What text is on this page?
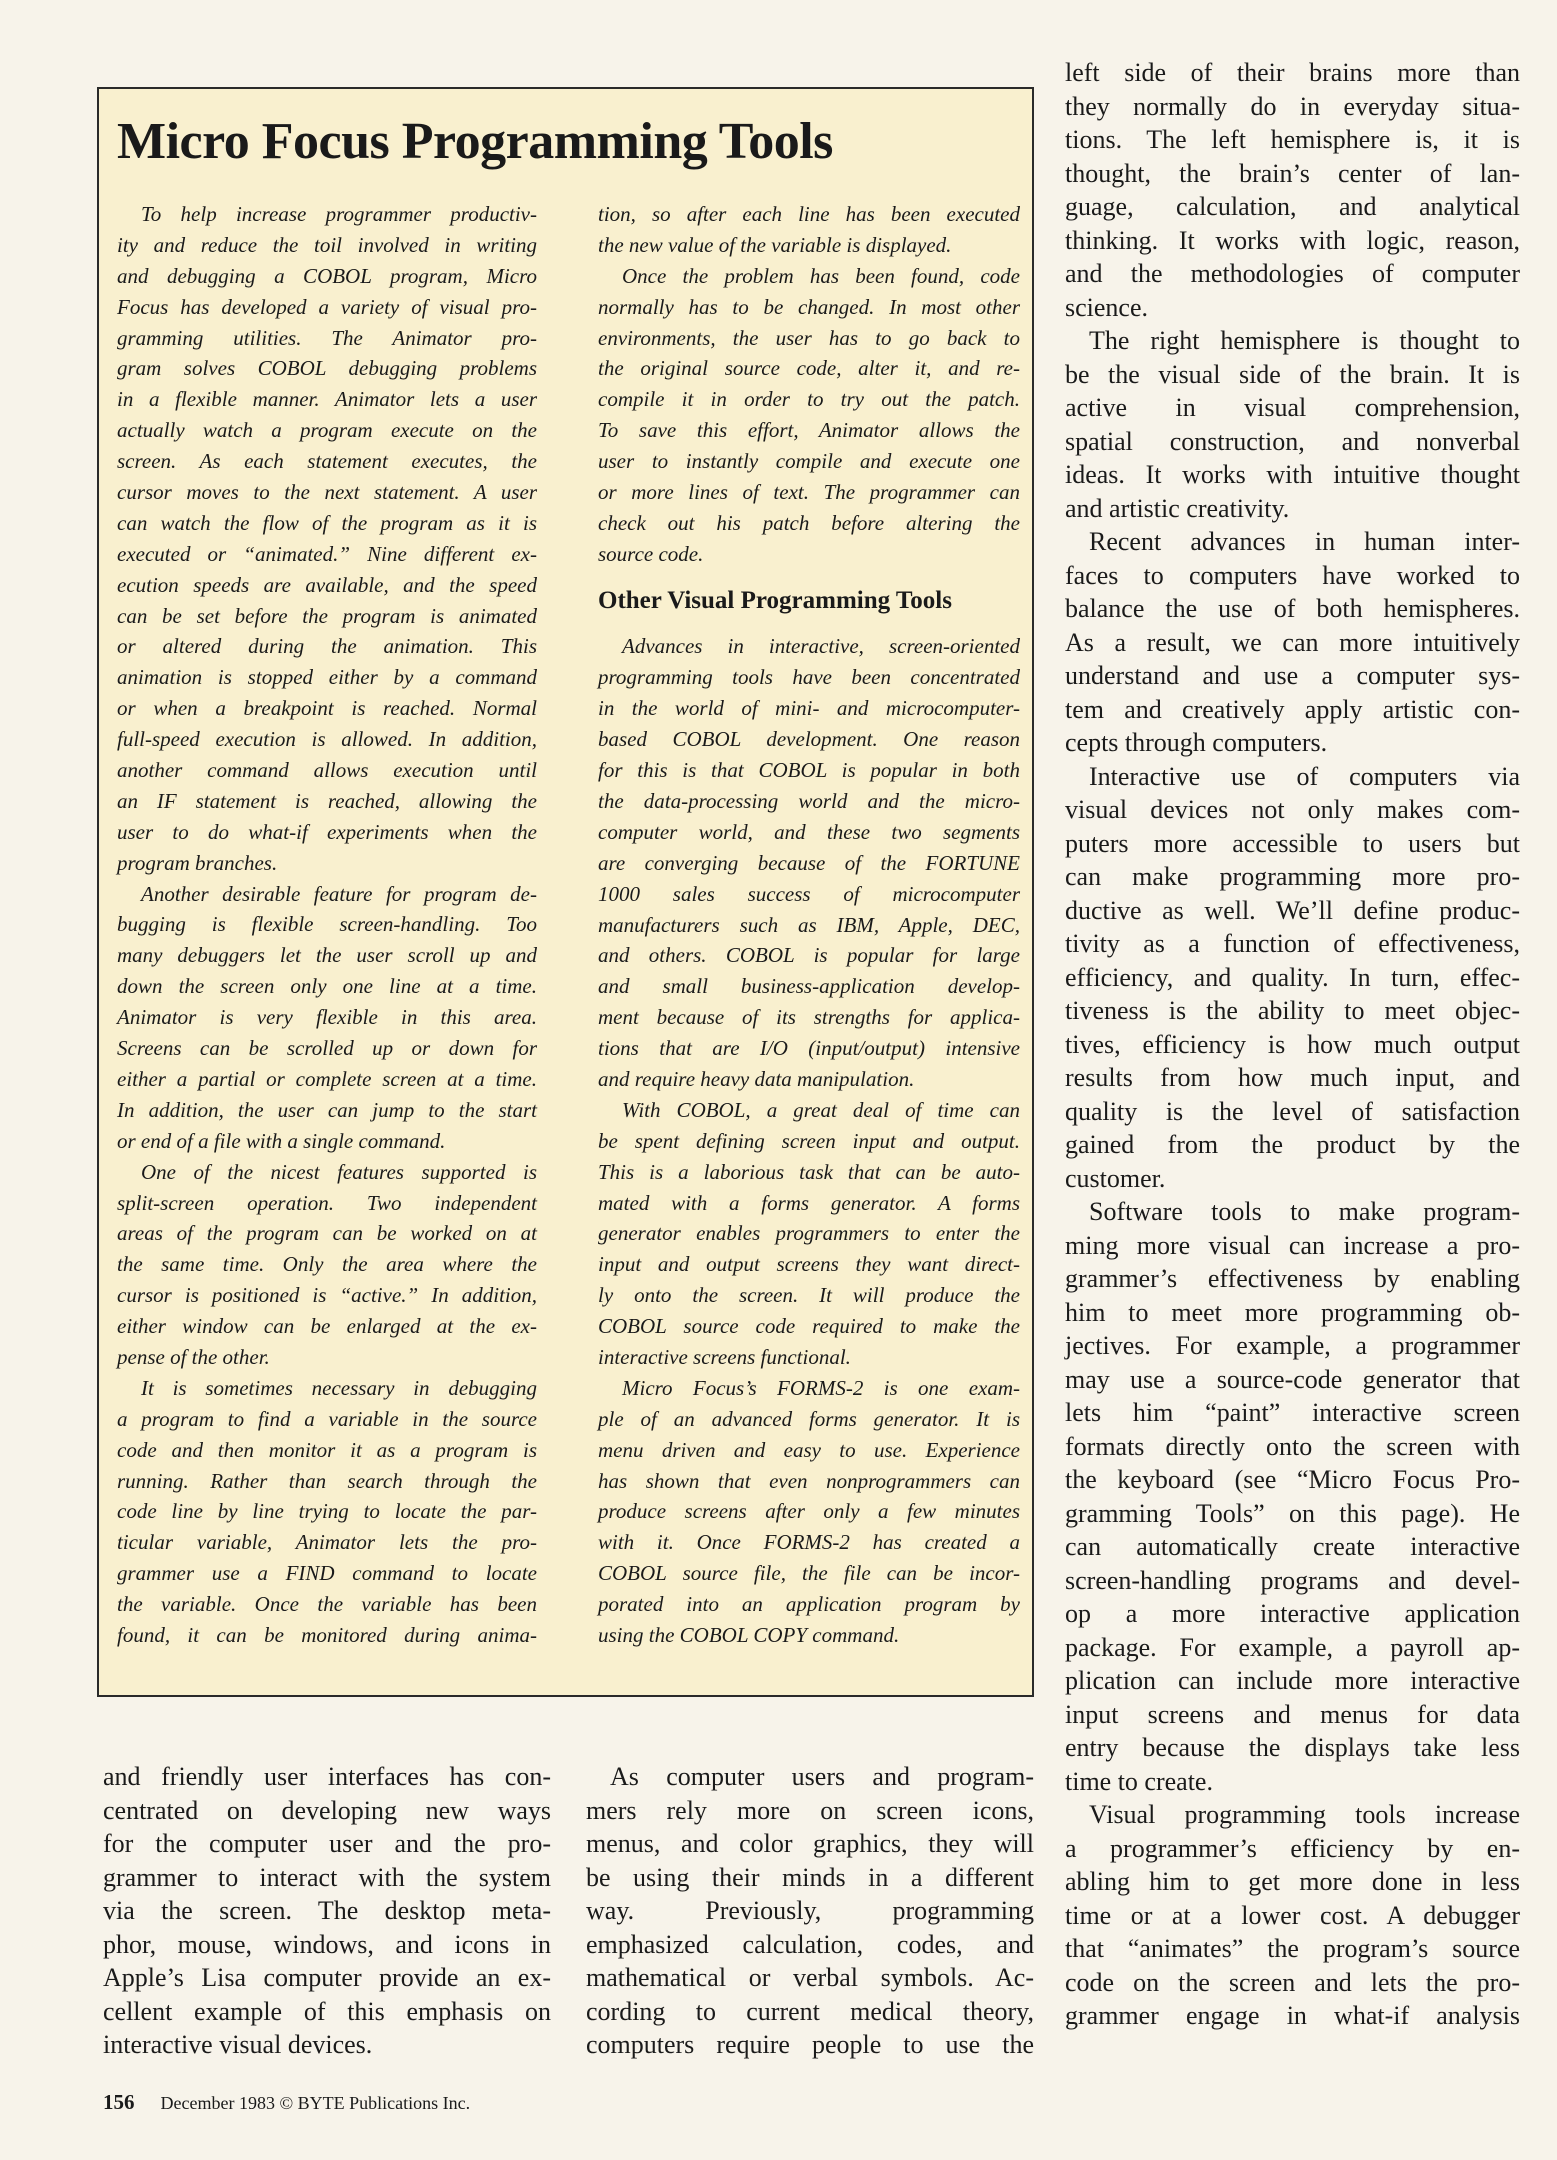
Micro Focus Programming Tools
To help increase programmer productiv-
ity and reduce the toil involved in writing
and debugging a COBOL program, Micro
Focus has developed a variety of visual pro-
gramming utilities. The Animator pro-
gram solves COBOL debugging problems
in a flexible manner. Animator lets a user
actually watch a program execute on the
screen. As each statement executes, the
cursor moves to the next statement. A user
can watch the flow of the program as it is
executed or “animated.” Nine different ex-
ecution speeds are available, and the speed
can be set before the program is animated
or altered during the animation. This
animation is stopped either by a command
or when a breakpoint is reached. Normal
full-speed execution is allowed. In addition,
another command allows execution until
an IF statement is reached, allowing the
user to do what-if experiments when the
program branches.
Another desirable feature for program de-
bugging is flexible screen-handling. Too
many debuggers let the user scroll up and
down the screen only one line at a time.
Animator is very flexible in this area.
Screens can be scrolled up or down for
either a partial or complete screen at a time.
In addition, the user can jump to the start
or end of a file with a single command.
One of the nicest features supported is
split-screen operation. Two independent
areas of the program can be worked on at
the same time. Only the area where the
cursor is positioned is “active.” In addition,
either window can be enlarged at the ex-
pense of the other.
It is sometimes necessary in debugging
a program to find a variable in the source
code and then monitor it as a program is
running. Rather than search through the
code line by line trying to locate the par-
ticular variable, Animator lets the pro-
grammer use a FIND command to locate
the variable. Once the variable has been
found, it can be monitored during anima-
tion, so after each line has been executed
the new value of the variable is displayed.
Once the problem has been found, code
normally has to be changed. In most other
environments, the user has to go back to
the original source code, alter it, and re-
compile it in order to try out the patch.
To save this effort, Animator allows the
user to instantly compile and execute one
or more lines of text. The programmer can
check out his patch before altering the
source code.
Other Visual Programming Tools
Advances in interactive, screen-oriented
programming tools have been concentrated
in the world of mini- and microcomputer-
based COBOL development. One reason
for this is that COBOL is popular in both
the data-processing world and the micro-
computer world, and these two segments
are converging because of the FORTUNE
1000 sales success of microcomputer
manufacturers such as IBM, Apple, DEC,
and others. COBOL is popular for large
and small business-application develop-
ment because of its strengths for applica-
tions that are I/O (input/output) intensive
and require heavy data manipulation.
With COBOL, a great deal of time can
be spent defining screen input and output.
This is a laborious task that can be auto-
mated with a forms generator. A forms
generator enables programmers to enter the
input and output screens they want direct-
ly onto the screen. It will produce the
COBOL source code required to make the
interactive screens functional.
Micro Focus’s FORMS-2 is one exam-
ple of an advanced forms generator. It is
menu driven and easy to use. Experience
has shown that even nonprogrammers can
produce screens after only a few minutes
with it. Once FORMS-2 has created a
COBOL source file, the file can be incor-
porated into an application program by
using the COBOL COPY command.
and friendly user interfaces has con-
centrated on developing new ways
for the computer user and the pro-
grammer to interact with the system
via the screen. The desktop meta-
phor, mouse, windows, and icons in
Apple’s Lisa computer provide an ex-
cellent example of this emphasis on
interactive visual devices.
As computer users and program-
mers rely more on screen icons,
menus, and color graphics, they will
be using their minds in a different
way. Previously, programming
emphasized calculation, codes, and
mathematical or verbal symbols. Ac-
cording to current medical theory,
computers require people to use the
left side of their brains more than
they normally do in everyday situa-
tions. The left hemisphere is, it is
thought, the brain’s center of lan-
guage, calculation, and analytical
thinking. It works with logic, reason,
and the methodologies of computer
science.
The right hemisphere is thought to
be the visual side of the brain. It is
active in visual comprehension,
spatial construction, and nonverbal
ideas. It works with intuitive thought
and artistic creativity.
Recent advances in human inter-
faces to computers have worked to
balance the use of both hemispheres.
As a result, we can more intuitively
understand and use a computer sys-
tem and creatively apply artistic con-
cepts through computers.
Interactive use of computers via
visual devices not only makes com-
puters more accessible to users but
can make programming more pro-
ductive as well. We’ll define produc-
tivity as a function of effectiveness,
efficiency, and quality. In turn, effec-
tiveness is the ability to meet objec-
tives, efficiency is how much output
results from how much input, and
quality is the level of satisfaction
gained from the product by the
customer.
Software tools to make program-
ming more visual can increase a pro-
grammer’s effectiveness by enabling
him to meet more programming ob-
jectives. For example, a programmer
may use a source-code generator that
lets him “paint” interactive screen
formats directly onto the screen with
the keyboard (see “Micro Focus Pro-
gramming Tools” on this page). He
can automatically create interactive
screen-handling programs and devel-
op a more interactive application
package. For example, a payroll ap-
plication can include more interactive
input screens and menus for data
entry because the displays take less
time to create.
Visual programming tools increase
a programmer’s efficiency by en-
abling him to get more done in less
time or at a lower cost. A debugger
that “animates” the program’s source
code on the screen and lets the pro-
grammer engage in what-if analysis
156 December 1983 © BYTE Publications Inc.
